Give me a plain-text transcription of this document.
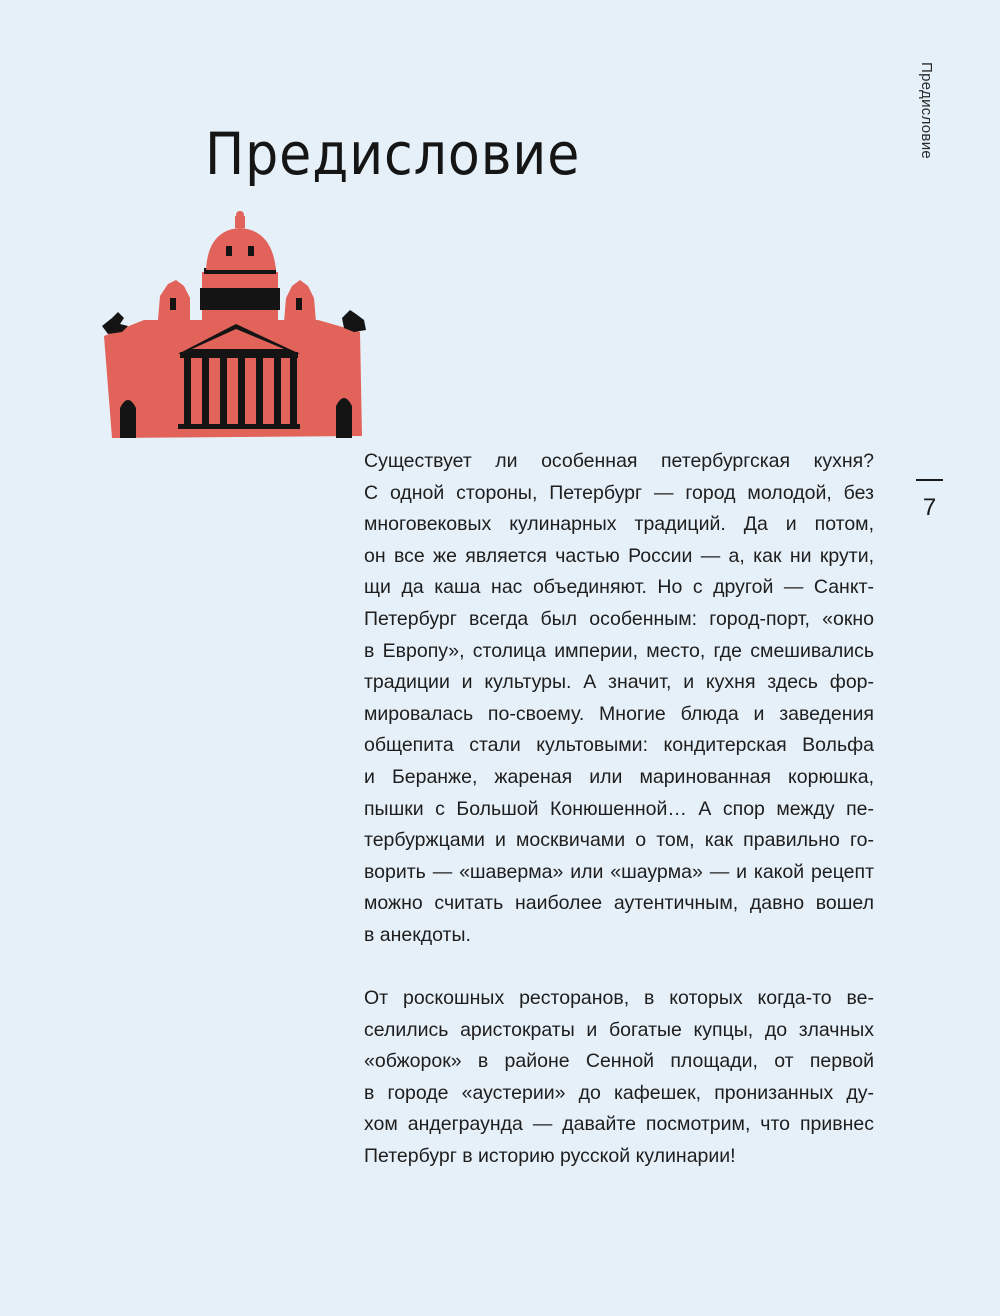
Предисловие
7
Предисловие

Существует ли особенная петербургская кухня?
С одной стороны, Петербург — город молодой, без
многовековых кулинарных традиций. Да и потом,
он все же является частью России — а, как ни крути,
щи да каша нас объединяют. Но с другой — Санкт-
Петербург всегда был особенным: город-порт, «окно
в Европу», столица империи, место, где смешивались
традиции и культуры. А значит, и кухня здесь фор-
мировалась по-своему. Многие блюда и заведения
общепита стали культовыми: кондитерская Вольфа
и Беранже, жареная или маринованная корюшка,
пышки с Большой Конюшенной… А спор между пе-
тербуржцами и москвичами о том, как правильно го-
ворить — «шаверма» или «шаурма» — и какой рецепт
можно считать наиболее аутентичным, давно вошел
в анекдоты.

От роскошных ресторанов, в которых когда-то ве-
селились аристократы и богатые купцы, до злачных
«обжорок» в районе Сенной площади, от первой
в городе «аустерии» до кафешек, пронизанных ду-
хом андеграунда — давайте посмотрим, что привнес
Петербург в историю русской кулинарии!
